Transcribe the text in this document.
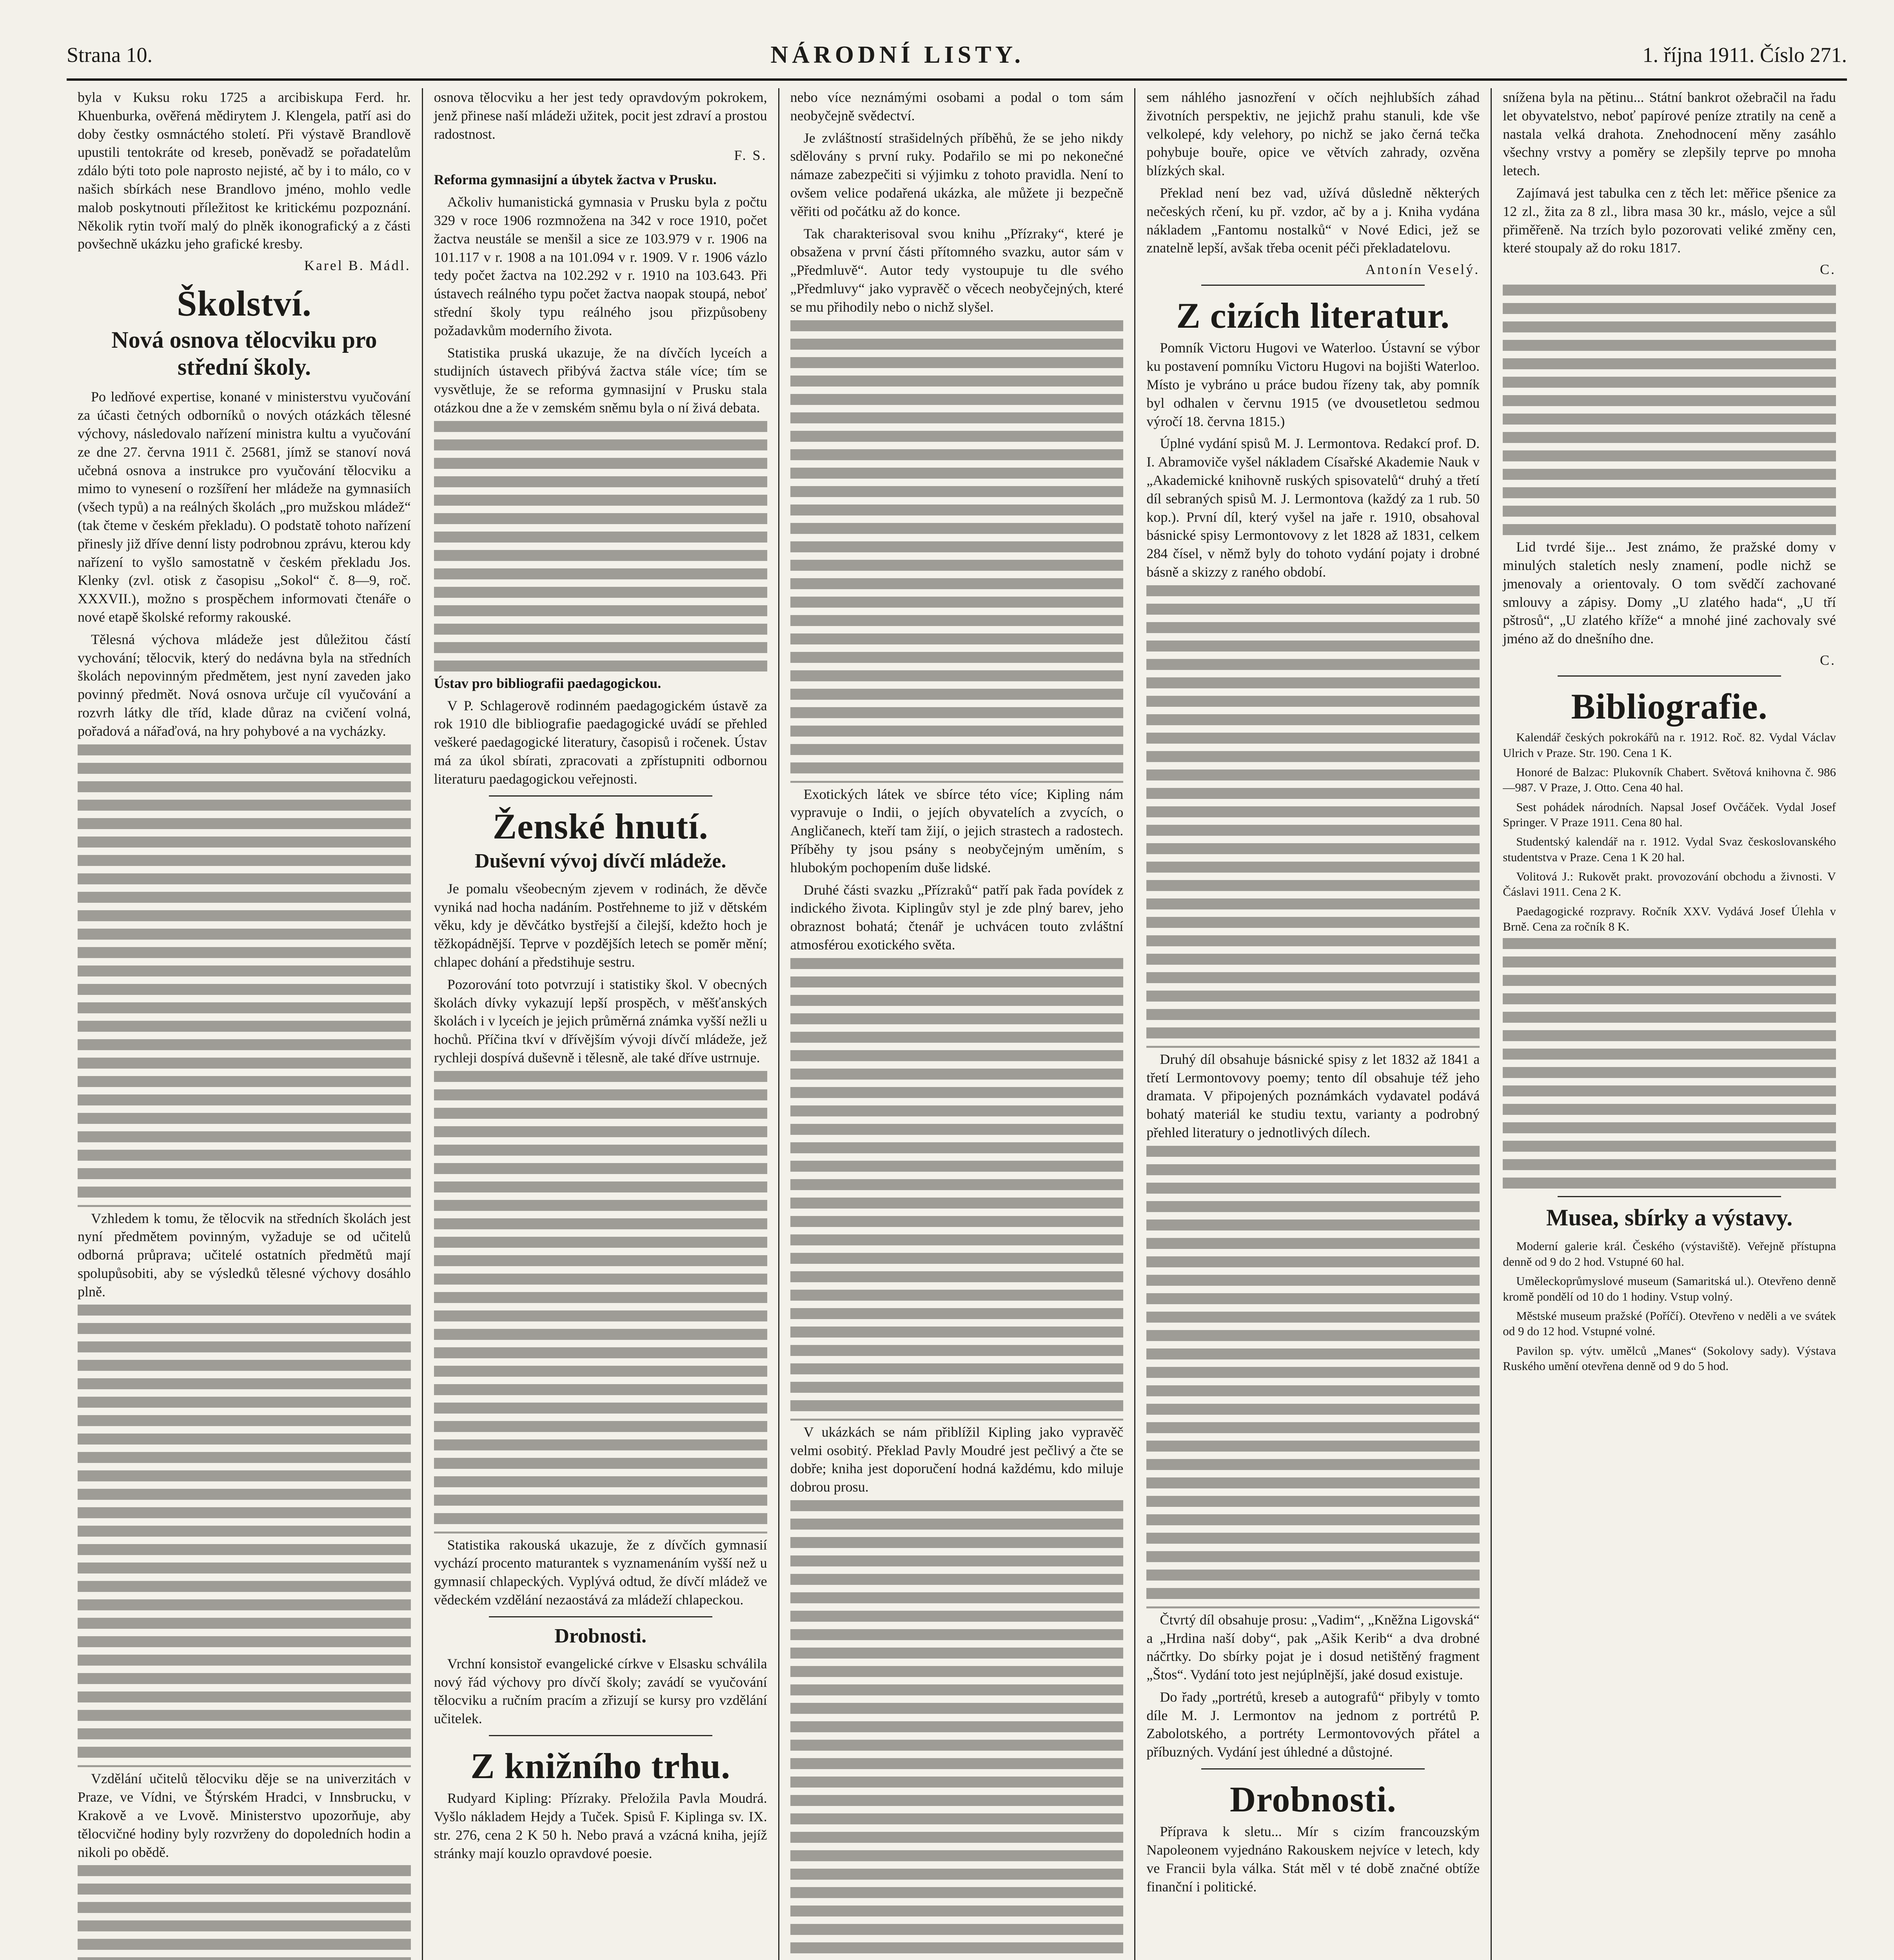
Strana 10.	NÁRODNÍ LISTY.	1. října 1911. Číslo 271.

byla v Kuksu roku 1725 a arcibiskupa Ferd. hr. Khuenburka, ověřená mědirytem J. Klengela, patří asi do doby čestky osmnáctého století. Při výstavě Brandlově upustili tentokráte od kreseb, poněvadž se pořadatelům zdálo býti toto pole naprosto nejisté, ač by i to málo, co v našich sbírkách nese Brandlovo jméno, mohlo vedle malob poskytnouti příležitost ke kritickému pozpoznání. Několik rytin tvoří malý do plněk ikonografický a z části povšechně ukázku jeho grafické kresby.

Karel B. Mádl.
Školství.
Nová osnova tělocviku pro střední školy.

Po ledňové expertise, konané v ministerstvu vyučování za účasti četných odborníků o nových otázkách tělesné výchovy, následovalo nařízení ministra kultu a vyučování ze dne 27. června 1911 č. 25681, jímž se stanoví nová učebná osnova a instrukce pro vyučování tělocviku a mimo to vynesení o rozšíření her mládeže na gymnasiích (všech typů) a na reálných školách „pro mužskou mládež“ (tak čteme v českém překladu). O podstatě tohoto nařízení přinesly již dříve denní listy podrobnou zprávu, kterou kdy nařízení to vyšlo samostatně v českém překladu Jos. Klenky (zvl. otisk z časopisu „Sokol“ č. 8—9, roč. XXXVII.), možno s prospěchem informovati čtenáře o nové etapě školské reformy rakouské.

Tělesná výchova mládeže jest důležitou částí vychování; tělocvik, který do nedávna byla na středních školách nepovinným předmětem, jest nyní zaveden jako povinný předmět. Nová osnova určuje cíl vyučování a rozvrh látky dle tříd, klade důraz na cvičení volná, pořadová a nářaďová, na hry pohybové a na vycházky.

Vzhledem k tomu, že tělocvik na středních školách jest nyní předmětem povinným, vyžaduje se od učitelů odborná průprava; učitelé ostatních předmětů mají spolupůsobiti, aby se výsledků tělesné výchovy dosáhlo plně.

Vzdělání učitelů tělocviku děje se na univerzitách v Praze, ve Vídni, ve Štýrském Hradci, v Innsbrucku, v Krakově a ve Lvově. Ministerstvo upozorňuje, aby tělocvičné hodiny byly rozvrženy do dopoledních hodin a nikoli po obědě.

osnova tělocviku a her jest tedy opravdovým pokrokem, jenž přinese naší mládeži užitek, pocit jest zdraví a prostou radostnost.

F. S.

Reforma gymnasijní a úbytek žactva v Prusku.

Ačkoliv humanistická gymnasia v Prusku byla z počtu 329 v roce 1906 rozmnožena na 342 v roce 1910, počet žactva neustále se menšil a sice ze 103.979 v r. 1906 na 101.117 v r. 1908 a na 101.094 v r. 1909. V r. 1906 vázlo tedy počet žactva na 102.292 v r. 1910 na 103.643. Při ústavech reálného typu počet žactva naopak stoupá, neboť střední školy typu reálného jsou přizpůsobeny požadavkům moderního života.

Statistika pruská ukazuje, že na dívčích lyceích a studijních ústavech přibývá žactva stále více; tím se vysvětluje, že se reforma gymnasijní v Prusku stala otázkou dne a že v zemském sněmu byla o ní živá debata.

Ústav pro bibliografii paedagogickou.

V P. Schlagerově rodinném paedagogickém ústavě za rok 1910 dle bibliografie paedagogické uvádí se přehled veškeré paedagogické literatury, časopisů i ročenek. Ústav má za úkol sbírati, zpracovati a zpřístupniti odbornou literaturu paedagogickou veřejnosti.

Ženské hnutí.
Duševní vývoj dívčí mládeže.

Je pomalu všeobecným zjevem v rodinách, že děvče vyniká nad hocha nadáním. Postřehneme to již v dětském věku, kdy je děvčátko bystřejší a čilejší, kdežto hoch je těžkopádnější. Teprve v pozdějších letech se poměr mění; chlapec dohání a předstihuje sestru.

Pozorování toto potvrzují i statistiky škol. V obecných školách dívky vykazují lepší prospěch, v měšťanských školách i v lyceích je jejich průměrná známka vyšší nežli u hochů. Příčina tkví v dřívějším vývoji dívčí mládeže, jež rychleji dospívá duševně i tělesně, ale také dříve ustrnuje.

Statistika rakouská ukazuje, že z dívčích gymnasií vychází procento maturantek s vyznamenáním vyšší než u gymnasií chlapeckých. Vyplývá odtud, že dívčí mládež ve vědeckém vzdělání nezaostává za mládeží chlapeckou.

Drobnosti.

Vrchní konsistoř evangelické církve v Elsasku schválila nový řád výchovy pro dívčí školy; zavádí se vyučování tělocviku a ručním pracím a zřizují se kursy pro vzdělání učitelek.

Z knižního trhu.

Rudyard Kipling: Přízraky. Přeložila Pavla Moudrá. Vyšlo nákladem Hejdy a Tuček. Spisů F. Kiplinga sv. IX. str. 276, cena 2 K 50 h. Nebo pravá a vzácná kniha, jejíž stránky mají kouzlo opravdové poesie.

nebo více neznámými osobami a podal o tom sám neobyčejně svědectví.

Je zvláštností strašidelných příběhů, že se jeho nikdy sdělovány s první ruky. Podařilo se mi po nekonečné námaze zabezpečiti si výjimku z tohoto pravidla. Není to ovšem velice podařená ukázka, ale můžete ji bezpečně věřiti od počátku až do konce.

Tak charakterisoval svou knihu „Přízraky“, které je obsažena v první části přítomného svazku, autor sám v „Předmluvě“. Autor tedy vystoupuje tu dle svého „Předmluvy“ jako vypravěč o věcech neobyčejných, které se mu přihodily nebo o nichž slyšel.

Exotických látek ve sbírce této více; Kipling nám vypravuje o Indii, o jejích obyvatelích a zvycích, o Angličanech, kteří tam žijí, o jejich strastech a radostech. Příběhy ty jsou psány s neobyčejným uměním, s hlubokým pochopením duše lidské.

Druhé části svazku „Přízraků“ patří pak řada povídek z indického života. Kiplingův styl je zde plný barev, jeho obraznost bohatá; čtenář je uchvácen touto zvláštní atmosférou exotického světa.

V ukázkách se nám přiblížil Kipling jako vypravěč velmi osobitý. Překlad Pavly Moudré jest pečlivý a čte se dobře; kniha jest doporučení hodná každému, kdo miluje dobrou prosu.

sem náhlého jasnozření v očích nejhlubších záhad životních perspektiv, ne jejichž prahu stanuli, kde vše velkolepé, kdy velehory, po nichž se jako černá tečka pohybuje bouře, opice ve větvích zahrady, ozvěna blízkých skal.

Překlad není bez vad, užívá důsledně některých nečeských rčení, ku př. vzdor, ač by a j. Kniha vydána nákladem „Fantomu nostalků“ v Nové Edici, jež se znatelně lepší, avšak třeba ocenit péči překladatelovu.

Antonín Veselý.
Z cizích literatur.

Pomník Victoru Hugovi ve Waterloo. Ústavní se výbor ku postavení pomníku Victoru Hugovi na bojišti Waterloo. Místo je vybráno u práce budou řízeny tak, aby pomník byl odhalen v červnu 1915 (ve dvousetletou sedmou výročí 18. června 1815.)

Úplné vydání spisů M. J. Lermontova. Redakcí prof. D. I. Abramoviče vyšel nákladem Císařské Akademie Nauk v „Akademické knihovně ruských spisovatelů“ druhý a třetí díl sebraných spisů M. J. Lermontova (každý za 1 rub. 50 kop.). První díl, který vyšel na jaře r. 1910, obsahoval básnické spisy Lermontovovy z let 1828 až 1831, celkem 284 čísel, v němž byly do tohoto vydání pojaty i drobné básně a skizzy z raného období.

Druhý díl obsahuje básnické spisy z let 1832 až 1841 a třetí Lermontovovy poemy; tento díl obsahuje též jeho dramata. V připojených poznámkách vydavatel podává bohatý materiál ke studiu textu, varianty a podrobný přehled literatury o jednotlivých dílech.

Čtvrtý díl obsahuje prosu: „Vadim“, „Kněžna Ligovská“ a „Hrdina naší doby“, pak „Ašik Kerib“ a dva drobné náčrtky. Do sbírky pojat je i dosud netištěný fragment „Štos“. Vydání toto jest nejúplnější, jaké dosud existuje.

Do řady „portrétů, kreseb a autografů“ přibyly v tomto díle M. J. Lermontov na jednom z portrétů P. Zabolotského, a portréty Lermontovových přátel a příbuzných. Vydání jest úhledné a důstojné.

Drobnosti.

Příprava k sletu... Mír s cizím francouzským Napoleonem vyjednáno Rakouskem nejvíce v letech, kdy ve Francii byla válka. Stát měl v té době značné obtíže finanční i politické.

snížena byla na pětinu... Státní bankrot ožebračil na řadu let obyvatelstvo, neboť papírové peníze ztratily na ceně a nastala velká drahota. Znehodnocení měny zasáhlo všechny vrstvy a poměry se zlepšily teprve po mnoha letech.

Zajímavá jest tabulka cen z těch let: měřice pšenice za 12 zl., žita za 8 zl., libra masa 30 kr., máslo, vejce a sůl přiměřeně. Na trzích bylo pozorovati veliké změny cen, které stoupaly až do roku 1817.

C.

Lid tvrdé šije... Jest známo, že pražské domy v minulých staletích nesly znamení, podle nichž se jmenovaly a orientovaly. O tom svědčí zachované smlouvy a zápisy. Domy „U zlatého hada“, „U tří pštrosů“, „U zlatého kříže“ a mnohé jiné zachovaly své jméno až do dnešního dne.

C.
Bibliografie.

Kalendář českých pokrokářů na r. 1912. Roč. 82. Vydal Václav Ulrich v Praze. Str. 190. Cena 1 K.

Honoré de Balzac: Plukovník Chabert. Světová knihovna č. 986—987. V Praze, J. Otto. Cena 40 hal.

Sest pohádek národních. Napsal Josef Ovčáček. Vydal Josef Springer. V Praze 1911. Cena 80 hal.

Studentský kalendář na r. 1912. Vydal Svaz českoslovanského studentstva v Praze. Cena 1 K 20 hal.

Volitová J.: Rukovět prakt. provozování obchodu a živnosti. V Čáslavi 1911. Cena 2 K.

Paedagogické rozpravy. Ročník XXV. Vydává Josef Úlehla v Brně. Cena za ročník 8 K.

Musea, sbírky a výstavy.

Moderní galerie král. Českého (výstaviště). Veřejně přístupna denně od 9 do 2 hod. Vstupné 60 hal.

Uměleckoprůmyslové museum (Samaritská ul.). Otevřeno denně kromě pondělí od 10 do 1 hodiny. Vstup volný.

Městské museum pražské (Poříčí). Otevřeno v neděli a ve svátek od 9 do 12 hod. Vstupné volné.

Pavilon sp. výtv. umělců „Manes“ (Sokolovy sady). Výstava Ruského umění otevřena denně od 9 do 5 hod.
